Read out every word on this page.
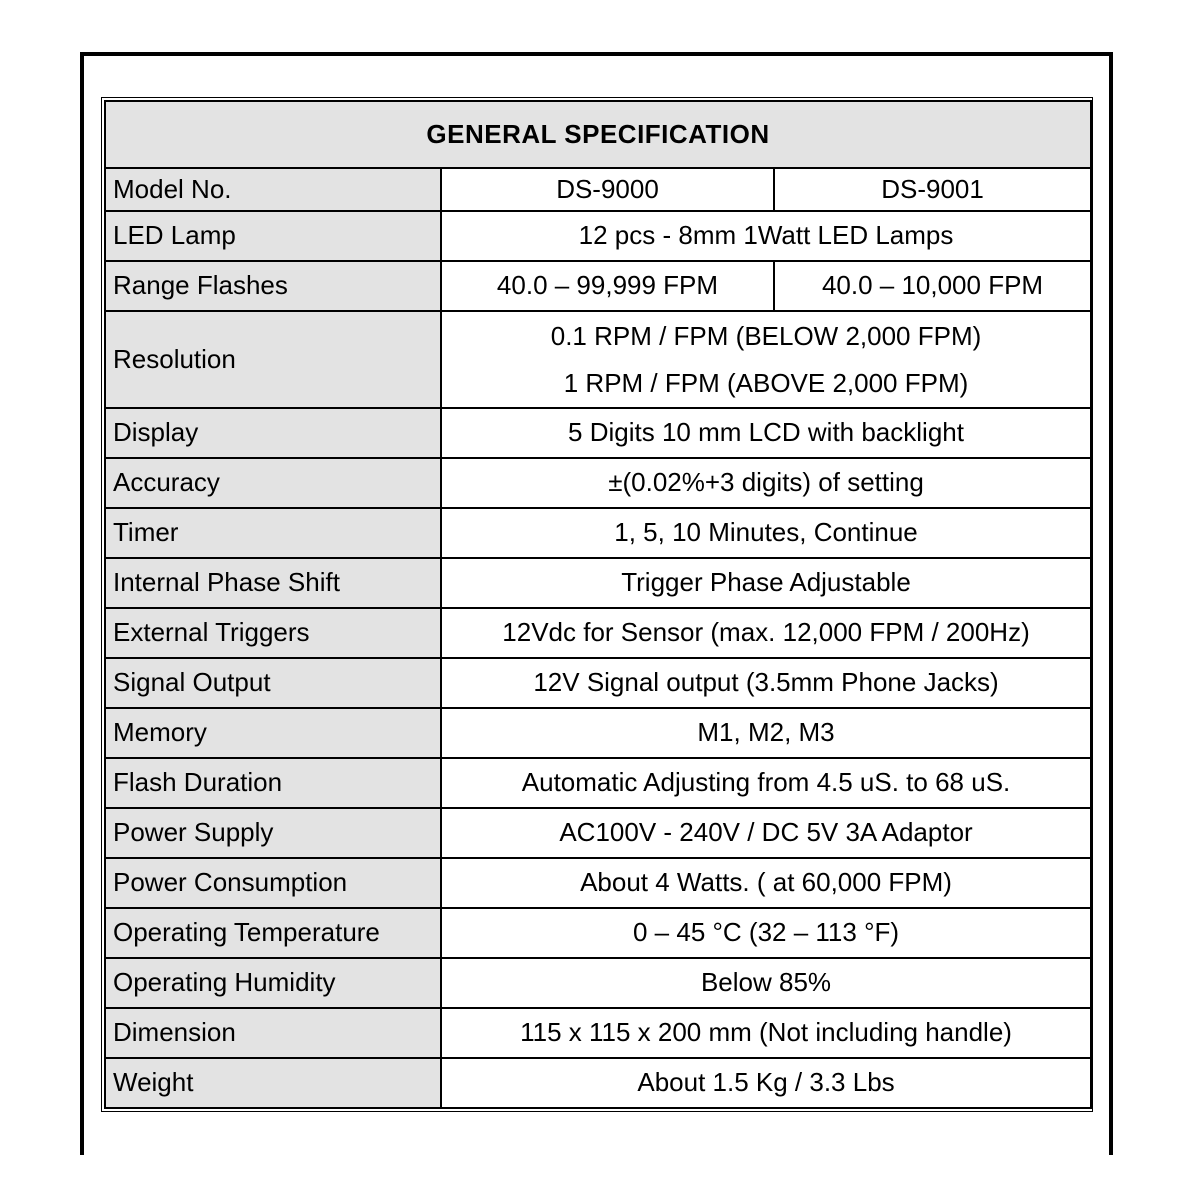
GENERAL SPECIFICATION		
Model No.	DS-9000	DS-9001
LED Lamp	12 pcs - 8mm 1Watt LED Lamps	
Range Flashes	40.0 – 99,999 FPM	40.0 – 10,000 FPM
Resolution	0.1 RPM / FPM (BELOW 2,000 FPM)
1 RPM / FPM (ABOVE 2,000 FPM)	

Display	5 Digits 10 mm LCD with backlight	
Accuracy	±(0.02%+3 digits) of setting	
Timer	1, 5, 10 Minutes, Continue	
Internal Phase Shift	Trigger Phase Adjustable	
External Triggers	12Vdc for Sensor (max. 12,000 FPM / 200Hz)	
Signal Output	12V Signal output (3.5mm Phone Jacks)	
Memory	M1, M2, M3	
Flash Duration	Automatic Adjusting from 4.5 uS. to 68 uS.	
Power Supply	AC100V - 240V / DC 5V 3A Adaptor	
Power Consumption	About 4 Watts. ( at 60,000 FPM)	
Operating Temperature	0 – 45 °C (32 – 113 °F)	
Operating Humidity	Below 85%	
Dimension	115 x 115 x 200 mm (Not including handle)	
Weight	About 1.5 Kg / 3.3 Lbs	
